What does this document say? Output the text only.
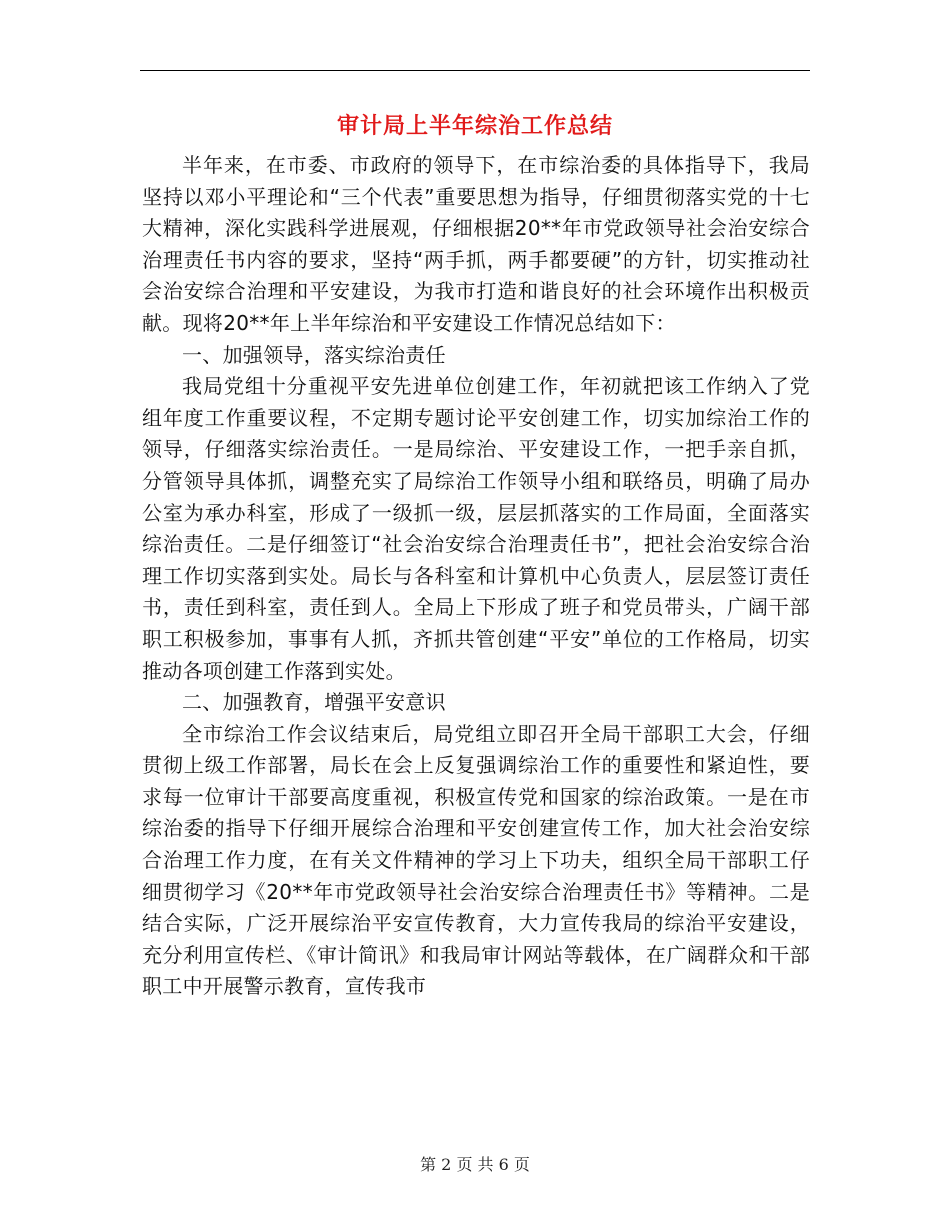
审计局上半年综治工作总结

半年来，在市委、市政府的领导下，在市综治委的具体指导下，我局坚持以邓小平理论和“三个代表”重要思想为指导，仔细贯彻落实党的十七大精神，深化实践科学进展观，仔细根据20**年市党政领导社会治安综合治理责任书内容的要求，坚持“两手抓，两手都要硬”的方针，切实推动社会治安综合治理和平安建设，为我市打造和谐良好的社会环境作出积极贡献。现将20**年上半年综治和平安建设工作情况总结如下：

一、加强领导，落实综治责任

我局党组十分重视平安先进单位创建工作，年初就把该工作纳入了党组年度工作重要议程，不定期专题讨论平安创建工作，切实加综治工作的领导，仔细落实综治责任。一是局综治、平安建设工作，一把手亲自抓，分管领导具体抓，调整充实了局综治工作领导小组和联络员，明确了局办公室为承办科室，形成了一级抓一级，层层抓落实的工作局面，全面落实综治责任。二是仔细签订“社会治安综合治理责任书”，把社会治安综合治理工作切实落到实处。局长与各科室和计算机中心负责人，层层签订责任书，责任到科室，责任到人。全局上下形成了班子和党员带头，广阔干部职工积极参加，事事有人抓，齐抓共管创建“平安”单位的工作格局，切实推动各项创建工作落到实处。

二、加强教育，增强平安意识

全市综治工作会议结束后，局党组立即召开全局干部职工大会，仔细贯彻上级工作部署，局长在会上反复强调综治工作的重要性和紧迫性，要求每一位审计干部要高度重视，积极宣传党和国家的综治政策。一是在市综治委的指导下仔细开展综合治理和平安创建宣传工作，加大社会治安综合治理工作力度，在有关文件精神的学习上下功夫，组织全局干部职工仔细贯彻学习《20**年市党政领导社会治安综合治理责任书》等精神。二是结合实际，广泛开展综治平安宣传教育，大力宣传我局的综治平安建设，充分利用宣传栏、《审计简讯》和我局审计网站等载体，在广阔群众和干部职工中开展警示教育，宣传我市

第 2 页 共 6 页
